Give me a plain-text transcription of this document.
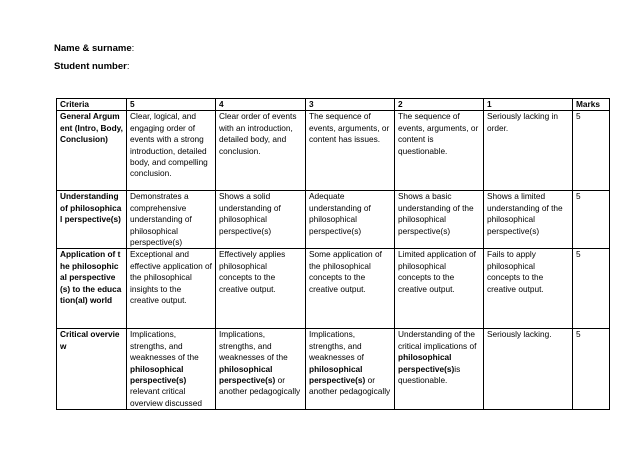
Name & surname:
Student number:
Criteria	5	4	3	2	1	Marks
General Argument (Intro, Body, Conclusion)	Clear, logical, and engaging order of events with a strong introduction, detailed body, and compelling conclusion.	Clear order of events with an introduction, detailed body, and conclusion.	The sequence of events, arguments, or content has issues.	The sequence of events, arguments, or content is questionable.	Seriously lacking in order.	5
Understanding of philosophical perspective(s)	Demonstrates a comprehensive understanding of philosophical perspective(s)	Shows a solid understanding of philosophical perspective(s)	Adequate understanding of philosophical perspective(s)	Shows a basic understanding of the philosophical perspective(s)	Shows a limited understanding of the philosophical perspective(s)	5
Application of the philosophical perspective(s) to the education(al) world	Exceptional and effective application of the philosophical insights to the creative output.	Effectively applies philosophical concepts to the creative output.	Some application of the philosophical concepts to the creative output.	Limited application of philosophical concepts to the creative output.	Fails to apply philosophical concepts to the creative output.	5
Critical overview	Implications, strengths, and weaknesses of the philosophical perspective(s) relevant critical overview discussed	Implications, strengths, and weaknesses of the philosophical perspective(s) or another pedagogically	Implications, strengths, and weaknesses of philosophical perspective(s) or another pedagogically	Understanding of the critical implications of philosophical perspective(s)is questionable.	Seriously lacking.	5
